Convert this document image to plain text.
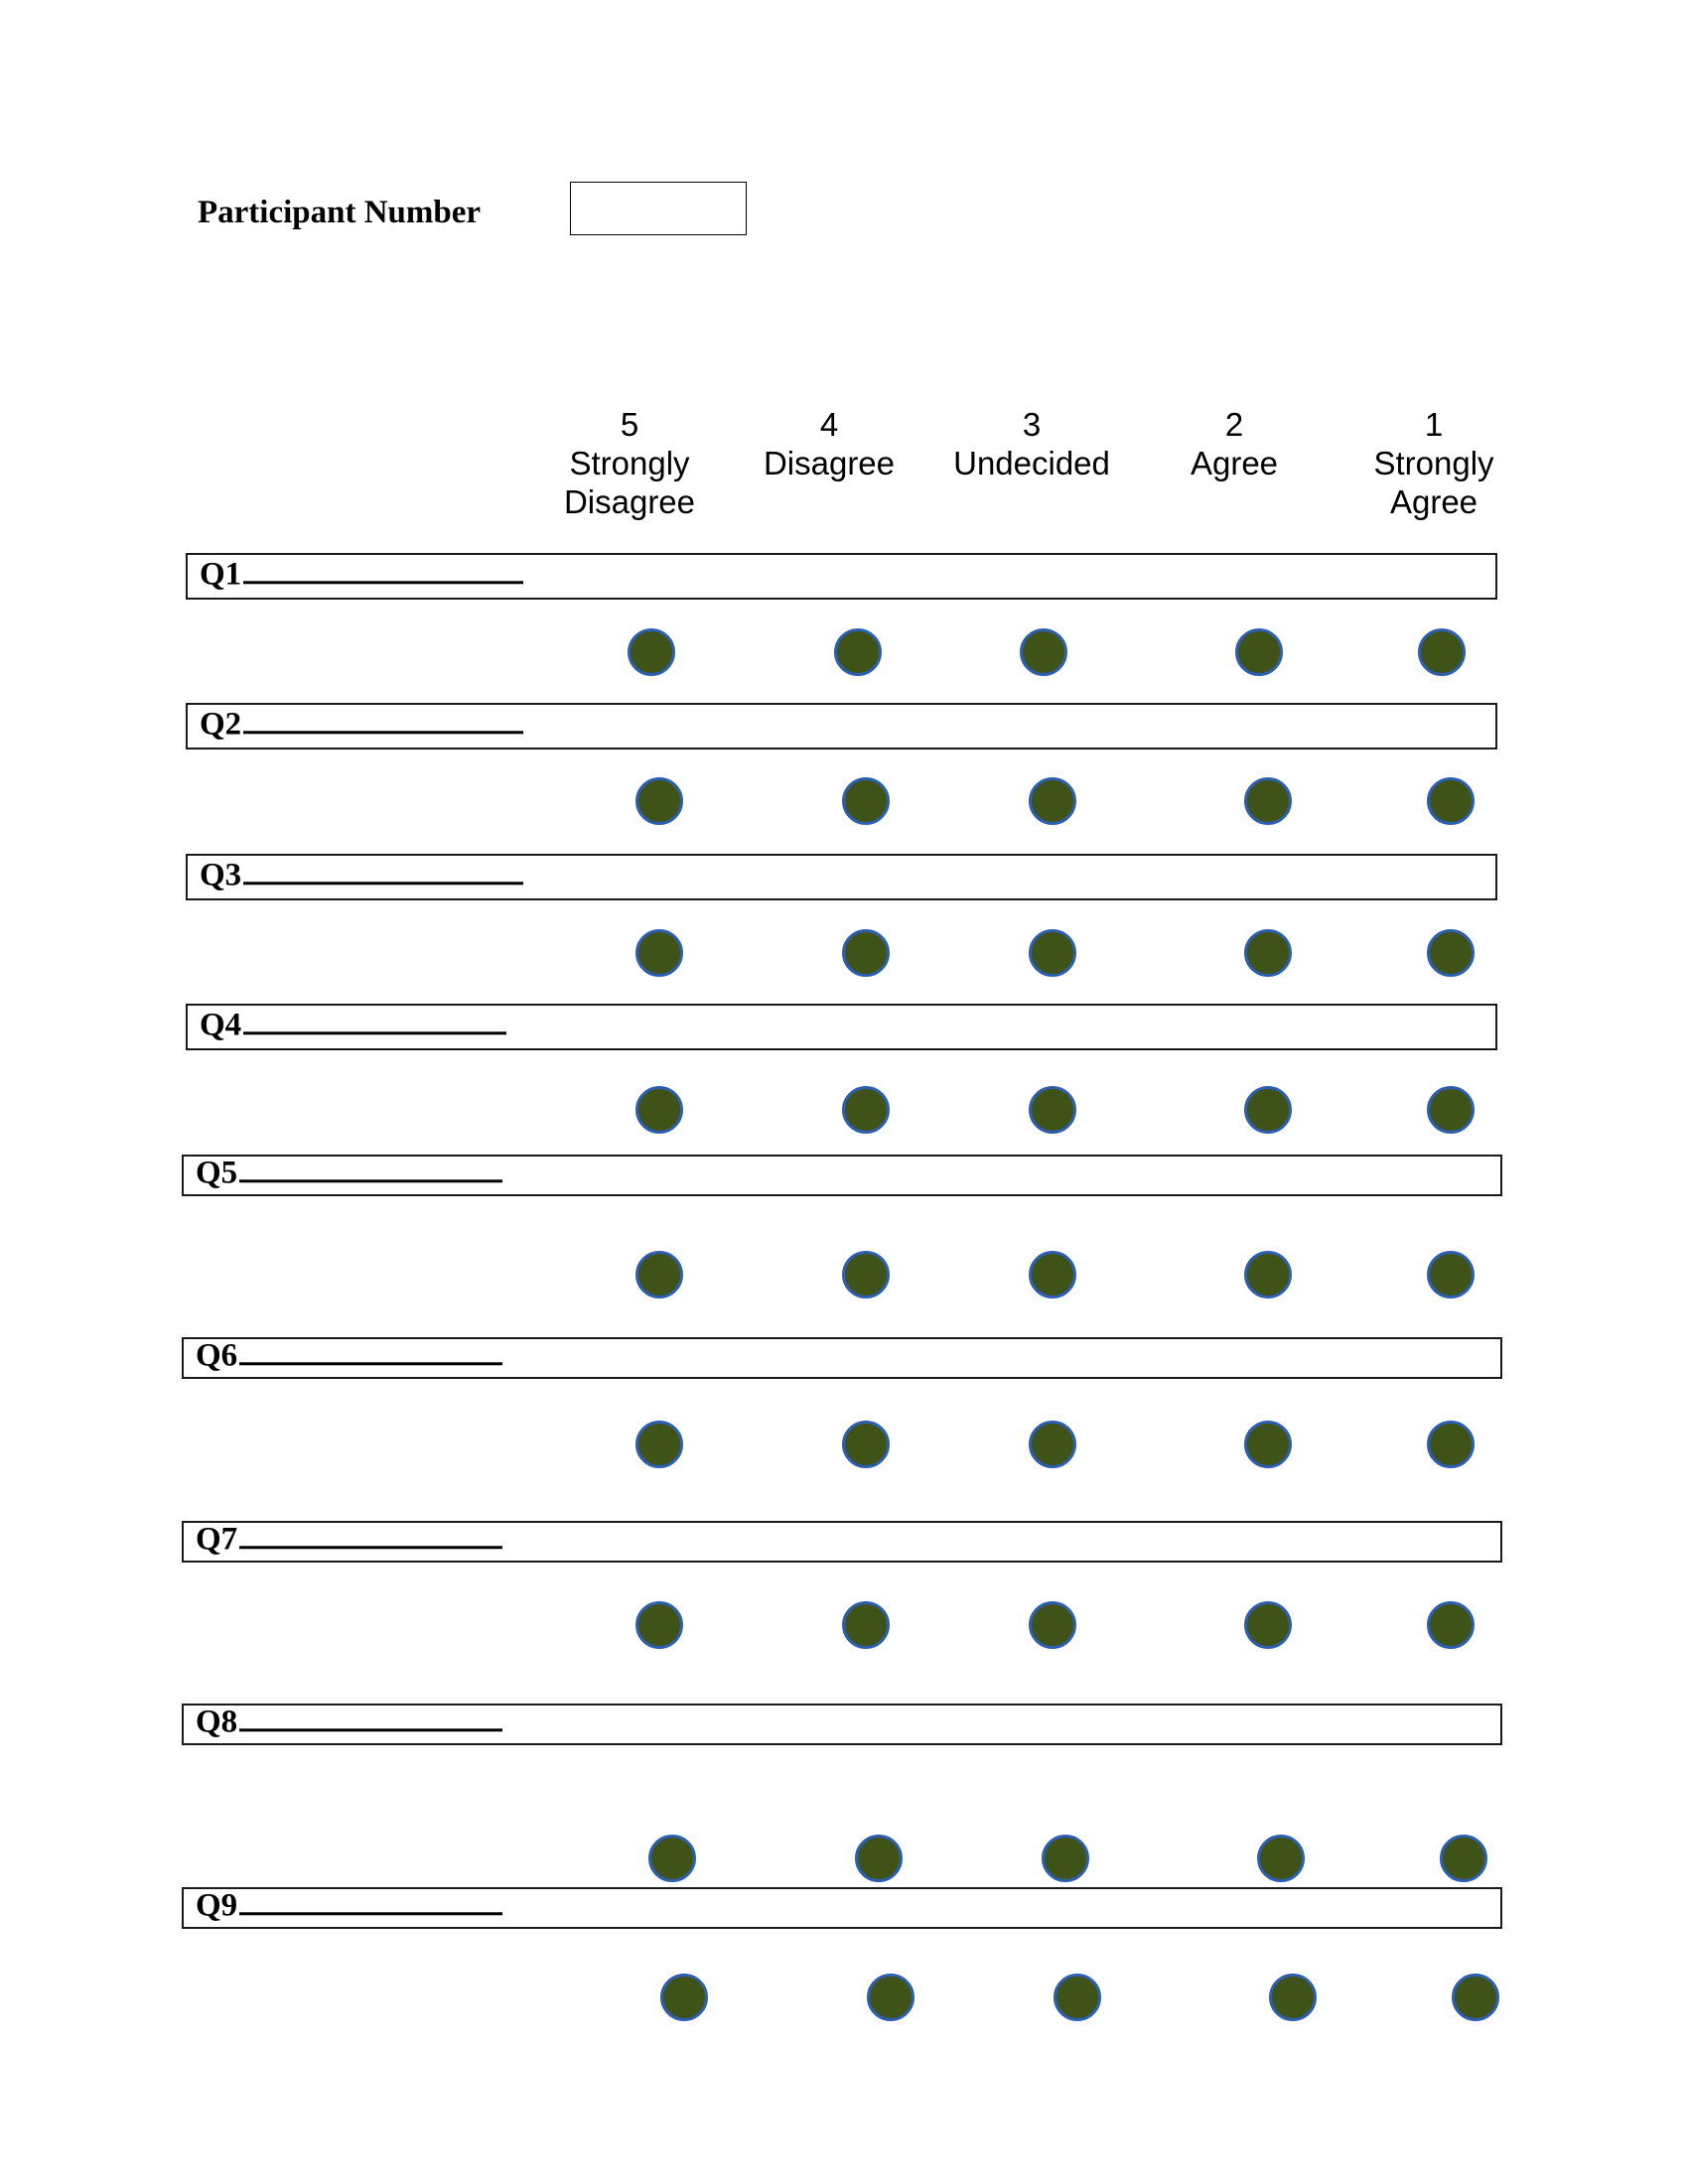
Participant Number
5
Strongly
Disagree
4
Disagree
3
Undecided
2
Agree
1
Strongly
Agree
Q1
Q2
Q3
Q4
Q5
Q6
Q7
Q8
Q9
